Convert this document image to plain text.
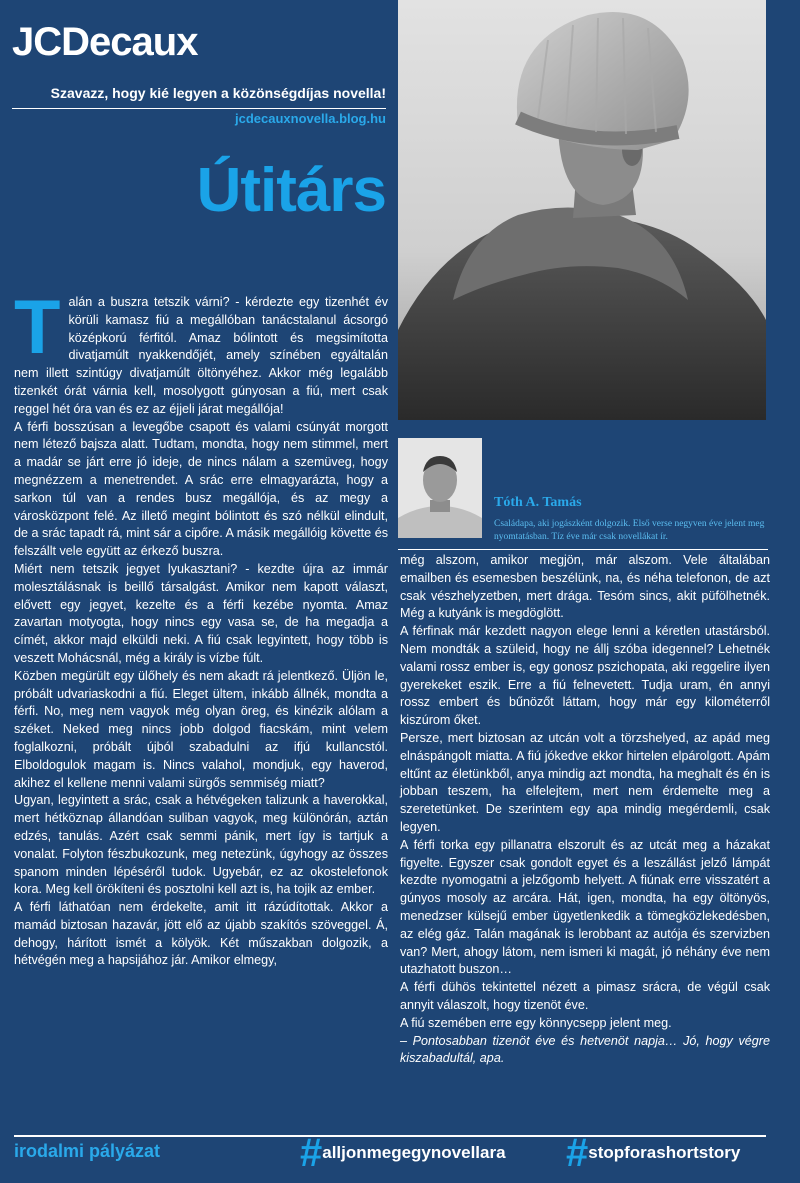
JCDecaux
Szavazz, hogy kié legyen a közönségdíjas novella!
jcdecauxnovella.blog.hu
Útitárs
Tóth A. Tamás
Családapa, aki jogászként dolgozik. Első verse negyven éve jelent meg nyomtatásban. Tíz éve már csak novellákat ír.

Talán a buszra tetszik várni? - kérdezte egy tizenhét év körüli kamasz fiú a megállóban tanácstalanul ácsorgó középkorú férfitól. Amaz bólintott és megsimította divatjamúlt nyakkendőjét, amely színében egyáltalán nem illett szintúgy divatjamúlt öltönyéhez. Akkor még legalább tizenkét órát várnia kell, mosolygott gúnyosan a fiú, mert csak reggel hét óra van és ez az éjjeli járat megállója!

A férfi bosszúsan a levegőbe csapott és valami csúnyát morgott nem létező bajsza alatt. Tudtam, mondta, hogy nem stimmel, mert a madár se járt erre jó ideje, de nincs nálam a szemüveg, hogy megnézzem a menetrendet. A srác erre elmagyarázta, hogy a sarkon túl van a rendes busz megállója, és az megy a városközpont felé. Az illető megint bólintott és szó nélkül elindult, de a srác tapadt rá, mint sár a cipőre. A másik megállóig követte és felszállt vele együtt az érkező buszra.

Miért nem tetszik jegyet lyukasztani? - kezdte újra az immár molesztálásnak is beillő társalgást. Amikor nem kapott választ, elővett egy jegyet, kezelte és a férfi kezébe nyomta. Amaz zavartan motyogta, hogy nincs egy vasa se, de ha megadja a címét, akkor majd elküldi neki. A fiú csak legyintett, hogy több is veszett Mohácsnál, még a király is vízbe fúlt.

Közben megürült egy ülőhely és nem akadt rá jelentkező. Üljön le, próbált udvariaskodni a fiú. Eleget ültem, inkább állnék, mondta a férfi. No, meg nem vagyok még olyan öreg, és kinézik alólam a széket. Neked meg nincs jobb dolgod fiacskám, mint velem foglalkozni, próbált újból szabadulni az ifjú kullancstól. Elboldogulok magam is. Nincs valahol, mondjuk, egy haverod, akihez el kellene menni valami sürgős semmiség miatt?

Ugyan, legyintett a srác, csak a hétvégeken talizunk a haverokkal, mert hétköznap állandóan suliban vagyok, meg különórán, aztán edzés, tanulás. Azért csak semmi pánik, mert így is tartjuk a vonalat. Folyton fészbukozunk, meg netezünk, úgyhogy az összes spanom minden lépéséről tudok. Ugyebár, ez az okostelefonok kora. Meg kell örökíteni és posztolni kell azt is, ha tojik az ember.

A férfi láthatóan nem érdekelte, amit itt rázúdítottak. Akkor a mamád biztosan hazavár, jött elő az újabb szakítós szöveggel. Á, dehogy, hárított ismét a kölyök. Két műszakban dolgozik, a hétvégén meg a hapsijához jár. Amikor elmegy,

még alszom, amikor megjön, már alszom. Vele általában emailben és esemesben beszélünk, na, és néha telefonon, de azt csak vészhelyzetben, mert drága. Tesóm sincs, akit püfölhetnék. Még a kutyánk is megdöglött.

A férfinak már kezdett nagyon elege lenni a kéretlen utastársból. Nem mondták a szüleid, hogy ne állj szóba idegennel? Lehetnék valami rossz ember is, egy gonosz pszichopata, aki reggelire ilyen gyerekeket eszik. Erre a fiú felnevetett. Tudja uram, én annyi rossz embert és bűnözőt láttam, hogy már egy kilométerről kiszúrom őket.

Persze, mert biztosan az utcán volt a törzshelyed, az apád meg elnáspángolt miatta. A fiú jókedve ekkor hirtelen elpárolgott. Apám eltűnt az életünkből, anya mindig azt mondta, ha meghalt és én is jobban teszem, ha elfelejtem, mert nem érdemelte meg a szeretetünket. De szerintem egy apa mindig megérdemli, csak legyen.

A férfi torka egy pillanatra elszorult és az utcát meg a házakat figyelte. Egyszer csak gondolt egyet és a leszállást jelző lámpát kezdte nyomogatni a jelzőgomb helyett. A fiúnak erre visszatért a gúnyos mosoly az arcára. Hát, igen, mondta, ha egy öltönyös, menedzser külsejű ember ügyetlenkedik a tömegközlekedésben, az elég gáz. Talán magának is lerobbant az autója és szervizben van? Mert, ahogy látom, nem ismeri ki magát, jó néhány éve nem utazhatott buszon…

A férfi dühös tekintettel nézett a pimasz srácra, de végül csak annyit válaszolt, hogy tizenöt éve.

A fiú szemében erre egy könnycsepp jelent meg.

– Pontosabban tizenöt éve és hetvenöt napja… Jó, hogy végre kiszabadultál, apa.

irodalmi pályázat	#alljonmegegynovellara #stopforashortstory
